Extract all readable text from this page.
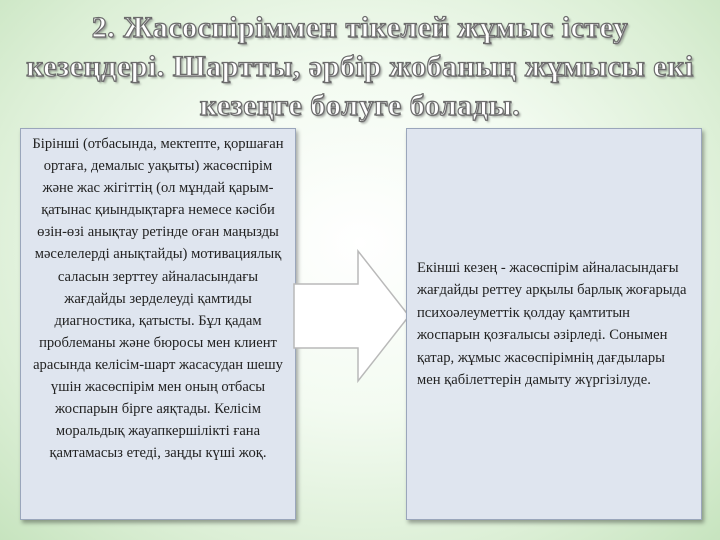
2. Жасөспіріммен тікелей жұмыс істеу кезеңдері. Шартты, әрбір жобаның жұмысы екі кезеңге бөлуге болады.

Бірінші (отбасында, мектепте, қоршаған ортаға, демалыс уақыты) жасөспірім және жас жігіттің (ол мұндай қарым-қатынас қиындықтарға немесе кәсіби өзін-өзі анықтау ретінде оған маңызды мәселелерді анықтайды) мотивациялық саласын зерттеу айналасындағы жағдайды зерделеуді қамтиды диагностика, қатысты. Бұл қадам проблеманы және бюросы мен клиент арасында келісім-шарт жасасудан шешу үшін жасөспірім мен оның отбасы жоспарын бірге аяқтады. Келісім моральдық жауапкершілікті ғана қамтамасыз етеді, заңды күші жоқ.

Екінші кезең - жасөспірім айналасындағы жағдайды реттеу арқылы барлық жоғарыда психоәлеуметтік қолдау қамтитын жоспарын қозғалысы әзірледі. Сонымен қатар, жұмыс жасөспірімнің дағдылары мен қабілеттерін дамыту жүргізілуде.
